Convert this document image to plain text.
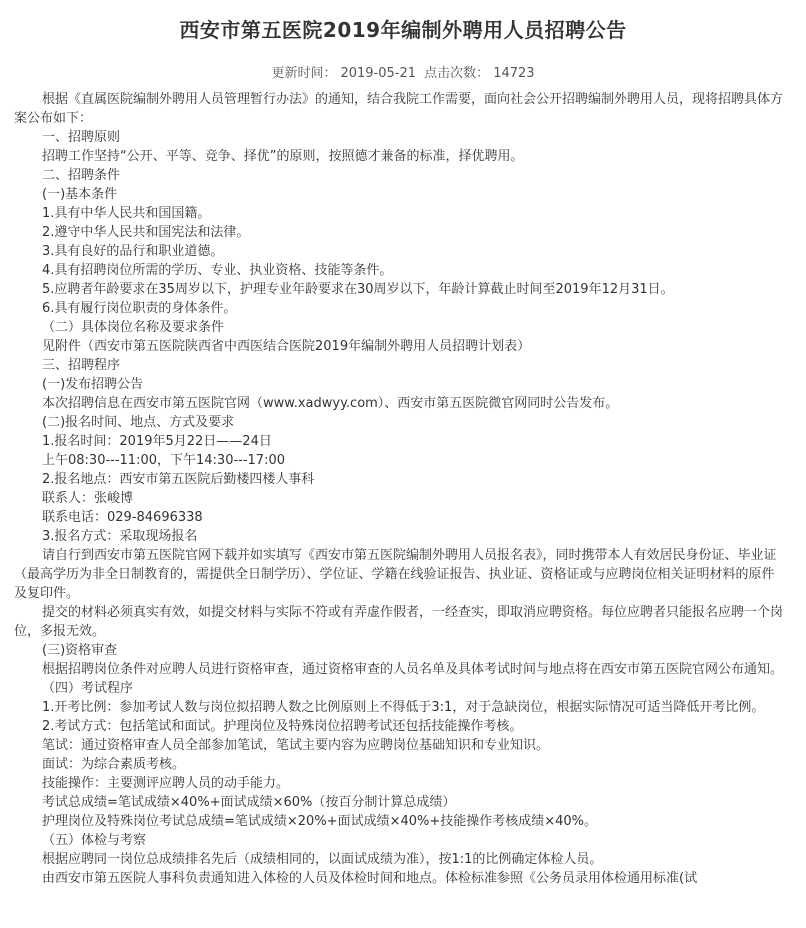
西安市第五医院2019年编制外聘用人员招聘公告
更新时间： 2019-05-21 点击次数： 14723

根据《直属医院编制外聘用人员管理暂行办法》的通知，结合我院工作需要，面向社会公开招聘编制外聘用人员，现将招聘具体方案公布如下：

一、招聘原则

招聘工作坚持“公开、平等、竞争、择优”的原则，按照德才兼备的标准，择优聘用。

二、招聘条件

(一)基本条件

1.具有中华人民共和国国籍。

2.遵守中华人民共和国宪法和法律。

3.具有良好的品行和职业道德。

4.具有招聘岗位所需的学历、专业、执业资格、技能等条件。

5.应聘者年龄要求在35周岁以下，护理专业年龄要求在30周岁以下，年龄计算截止时间至2019年12月31日。

6.具有履行岗位职责的身体条件。

（二）具体岗位名称及要求条件

见附件（西安市第五医院陕西省中西医结合医院2019年编制外聘用人员招聘计划表）

三、招聘程序

(一)发布招聘公告

本次招聘信息在西安市第五医院官网（www.xadwyy.com）、西安市第五医院微官网同时公告发布。

(二)报名时间、地点、方式及要求

1.报名时间：2019年5月22日——24日

上午08:30---11:00，下午14:30---17:00

2.报名地点：西安市第五医院后勤楼四楼人事科

联系人：张峻博

联系电话：029-84696338

3.报名方式：采取现场报名

请自行到西安市第五医院官网下载并如实填写《西安市第五医院编制外聘用人员报名表》，同时携带本人有效居民身份证、毕业证（最高学历为非全日制教育的，需提供全日制学历）、学位证、学籍在线验证报告、执业证、资格证或与应聘岗位相关证明材料的原件及复印件。

提交的材料必须真实有效，如提交材料与实际不符或有弄虚作假者，一经查实，即取消应聘资格。每位应聘者只能报名应聘一个岗位，多报无效。

(三)资格审查

根据招聘岗位条件对应聘人员进行资格审查，通过资格审查的人员名单及具体考试时间与地点将在西安市第五医院官网公布通知。

（四）考试程序

1.开考比例：参加考试人数与岗位拟招聘人数之比例原则上不得低于3:1，对于急缺岗位，根据实际情况可适当降低开考比例。

2.考试方式：包括笔试和面试。护理岗位及特殊岗位招聘考试还包括技能操作考核。

笔试：通过资格审查人员全部参加笔试，笔试主要内容为应聘岗位基础知识和专业知识。

面试：为综合素质考核。

技能操作：主要测评应聘人员的动手能力。

考试总成绩=笔试成绩×40%+面试成绩×60%（按百分制计算总成绩）

护理岗位及特殊岗位考试总成绩=笔试成绩×20%+面试成绩×40%+技能操作考核成绩×40%。

（五）体检与考察

根据应聘同一岗位总成绩排名先后（成绩相同的，以面试成绩为准），按1:1的比例确定体检人员。

由西安市第五医院人事科负责通知进入体检的人员及体检时间和地点。体检标准参照《公务员录用体检通用标准(试
